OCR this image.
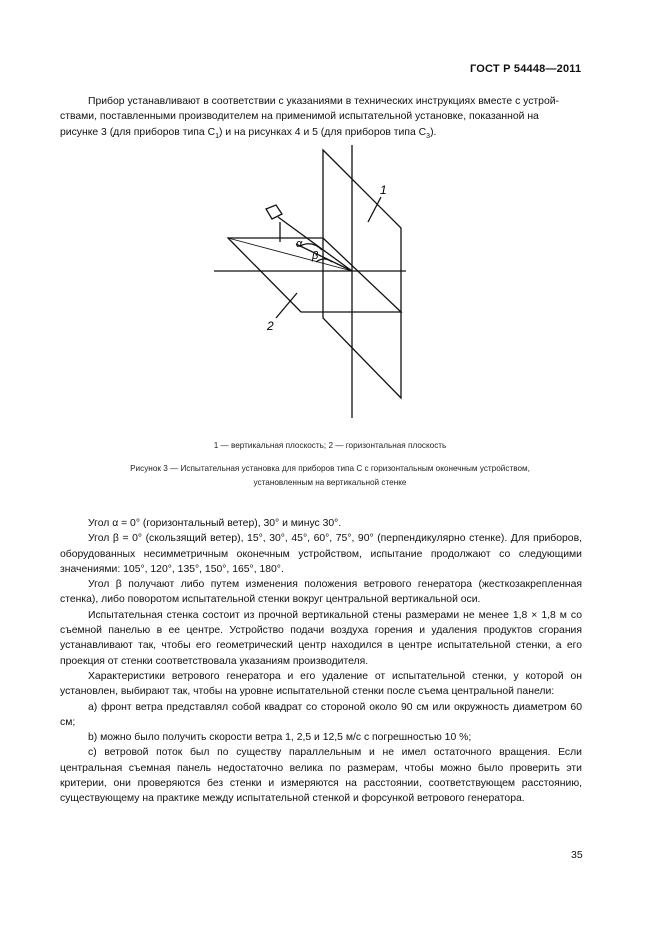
ГОСТ Р 54448—2011

Прибор устанавливают в соответствии с указаниями в технических инструкциях вместе с устрой-

ствами, поставленными производителем на применимой испытательной установке, показанной на

рисунке 3 (для приборов типа $C_1$) и на рисунках 4 и 5 (для приборов типа $C_3$).

α
β
1
2
1 — вертикальная плоскость; 2 — горизонтальная плоскость
Рисунок 3 — Испытательная установка для приборов типа C с горизонтальным оконечным устройством,
установленным на вертикальной стенке

Угол α = 0° (горизонтальный ветер), 30° и минус 30°.

Угол β = 0° (скользящий ветер), 15°, 30°, 45°, 60°, 75°, 90° (перпендикулярно стенке). Для приборов, оборудованных несимметричным оконечным устройством, испытание продолжают со следующими значениями: 105°, 120°, 135°, 150°, 165°, 180°.

Угол β получают либо путем изменения положения ветрового генератора (жесткозакрепленная стенка), либо поворотом испытательной стенки вокруг центральной вертикальной оси.

Испытательная стенка состоит из прочной вертикальной стены размерами не менее 1,8 × 1,8 м со съемной панелью в ее центре. Устройство подачи воздуха горения и удаления продуктов сгорания устанавливают так, чтобы его геометрический центр находился в центре испытательной стенки, а его проекция от стенки соответствовала указаниям производителя.

Характеристики ветрового генератора и его удаление от испытательной стенки, у которой он установлен, выбирают так, чтобы на уровне испытательной стенки после съема центральной панели:

а) фронт ветра представлял собой квадрат со стороной около 90 см или окружность диаметром 60 см;

b) можно было получить скорости ветра 1, 2,5 и 12,5 м/с с погрешностью 10 %;

c) ветровой поток был по существу параллельным и не имел остаточного вращения. Если центральная съемная панель недостаточно велика по размерам, чтобы можно было проверить эти критерии, они проверяются без стенки и измеряются на расстоянии, соответствующем расстоянию, существующему на практике между испытательной стенкой и форсункой ветрового генератора.

35
